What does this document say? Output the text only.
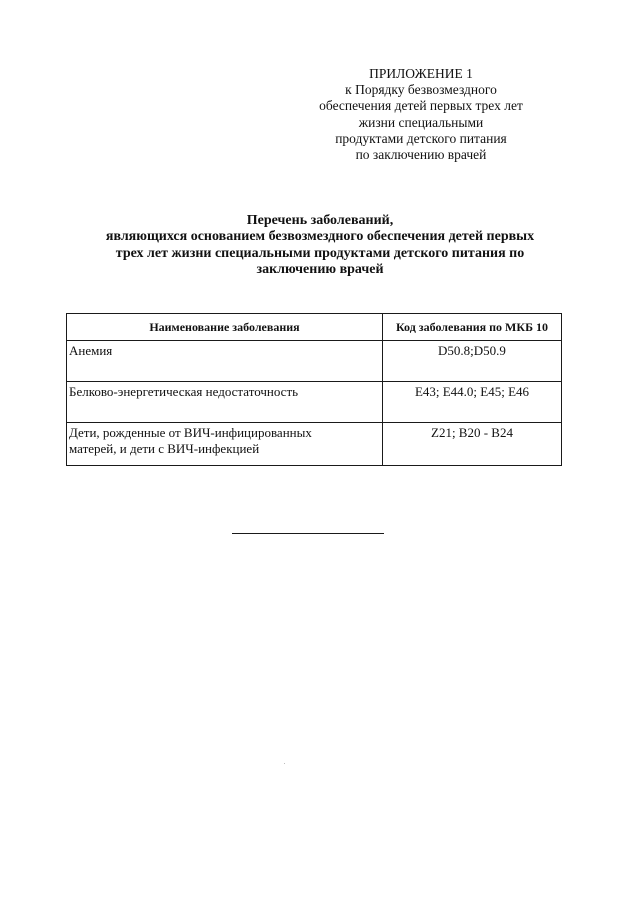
ПРИЛОЖЕНИЕ 1
к Порядку безвозмездного
обеспечения детей первых трех лет
жизни специальными
продуктами детского питания
по заключению врачей
Перечень заболеваний,
являющихся основанием безвозмездного обеспечения детей первых
трех лет жизни специальными продуктами детского питания по
заключению врачей
Наименование заболевания	Код заболевания по МКБ 10

Анемия	D50.8;D50.9

Белково-энергетическая недостаточность	E43; E44.0; E45; E46

Дети, рожденные от ВИЧ-инфицированных
матерей, и дети с ВИЧ-инфекцией	Z21; B20 - B24
